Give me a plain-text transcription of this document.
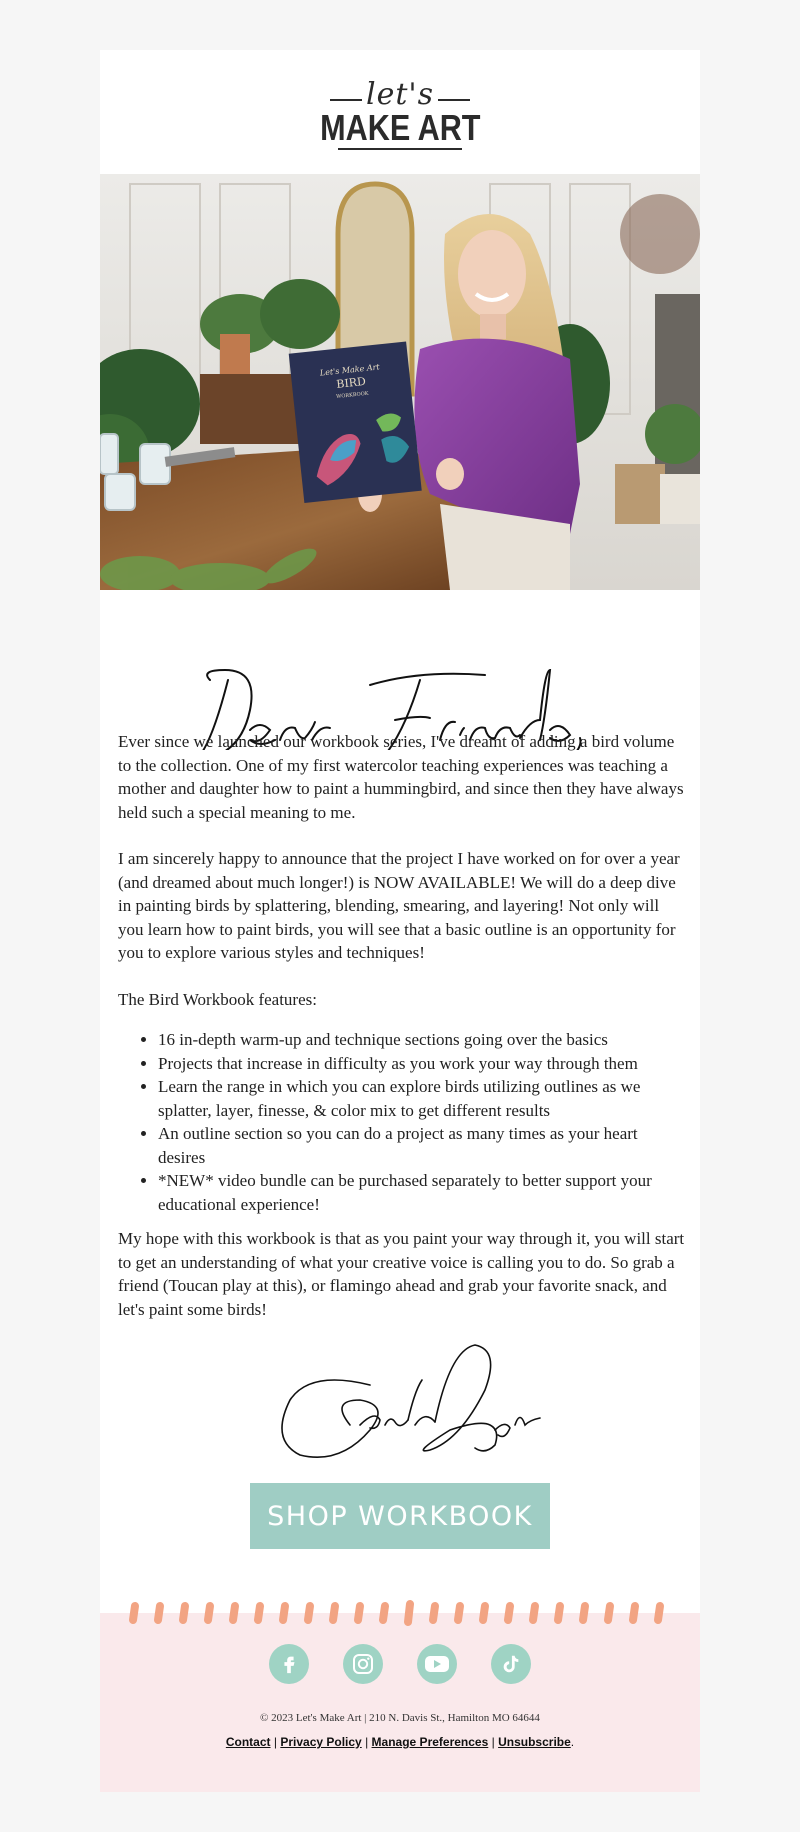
let's
MAKE ART
Let's Make Art
BIRD
WORKBOOK

Ever since we launched our workbook series, I've dreamt of adding a bird volume to the collection. One of my first watercolor teaching experiences was teaching a mother and daughter how to paint a hummingbird, and since then they have always held such a special meaning to me.

I am sincerely happy to announce that the project I have worked on for over a year (and dreamed about much longer!) is NOW AVAILABLE! We will do a deep dive in painting birds by splattering, blending, smearing, and layering! Not only will you learn how to paint birds, you will see that a basic outline is an opportunity for you to explore various styles and techniques!

The Bird Workbook features:

• 16 in-depth warm-up and technique sections going over the basics
• Projects that increase in difficulty as you work your way through them
• Learn the range in which you can explore birds utilizing outlines as we splatter, layer, finesse, & color mix to get different results
• An outline section so you can do a project as many times as your heart desires
• *NEW* video bundle can be purchased separately to better support your educational experience!

My hope with this workbook is that as you paint your way through it, you will start to get an understanding of what your creative voice is calling you to do. So grab a friend (Toucan play at this), or flamingo ahead and grab your favorite snack, and let's paint some birds!

SHOP WORKBOOK
© 2023 Let's Make Art | 210 N. Davis St., Hamilton MO 64644
Contact | Privacy Policy | Manage Preferences | Unsubscribe.
